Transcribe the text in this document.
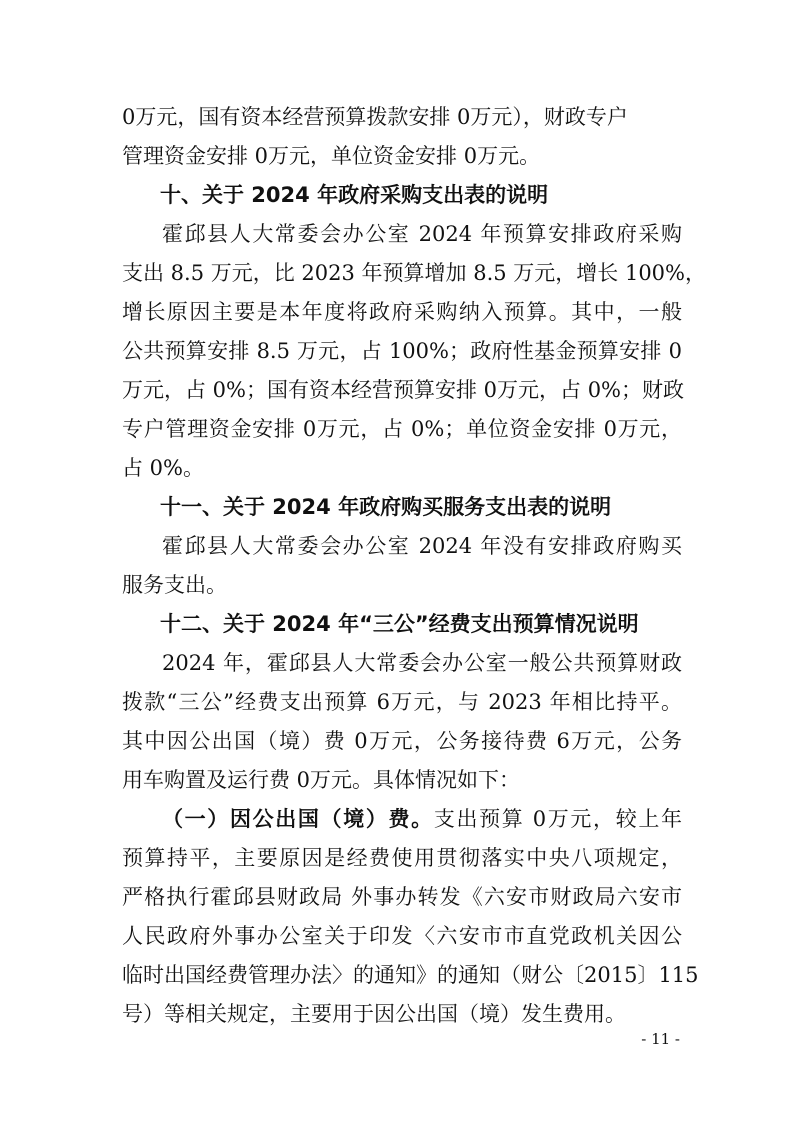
0万元，国有资本经营预算拨款安排 0万元），财政专户
管理资金安排 0万元，单位资金安排 0万元。
十、关于 2024 年政府采购支出表的说明
霍邱县人大常委会办公室 2024 年预算安排政府采购
支出 8.5 万元，比 2023 年预算增加 8.5 万元，增长 100%，
增长原因主要是本年度将政府采购纳入预算。其中，一般
公共预算安排 8.5 万元，占 100%；政府性基金预算安排 0
万元，占 0%；国有资本经营预算安排 0万元，占 0%；财政
专户管理资金安排 0万元，占 0%；单位资金安排 0万元，
占 0%。
十一、关于 2024 年政府购买服务支出表的说明
霍邱县人大常委会办公室 2024 年没有安排政府购买
服务支出。
十二、关于 2024 年“三公”经费支出预算情况说明
2024 年，霍邱县人大常委会办公室一般公共预算财政
拨款“三公”经费支出预算 6万元，与 2023 年相比持平。
其中因公出国（境）费 0万元，公务接待费 6万元，公务
用车购置及运行费 0万元。具体情况如下：
（一）因公出国（境）费。支出预算 0万元，较上年
预算持平，主要原因是经费使用贯彻落实中央八项规定，
严格执行霍邱县财政局 外事办转发《六安市财政局六安市
人民政府外事办公室关于印发〈六安市市直党政机关因公
临时出国经费管理办法〉的通知》的通知（财公〔2015〕115
号）等相关规定，主要用于因公出国（境）发生费用。
- 11 -
